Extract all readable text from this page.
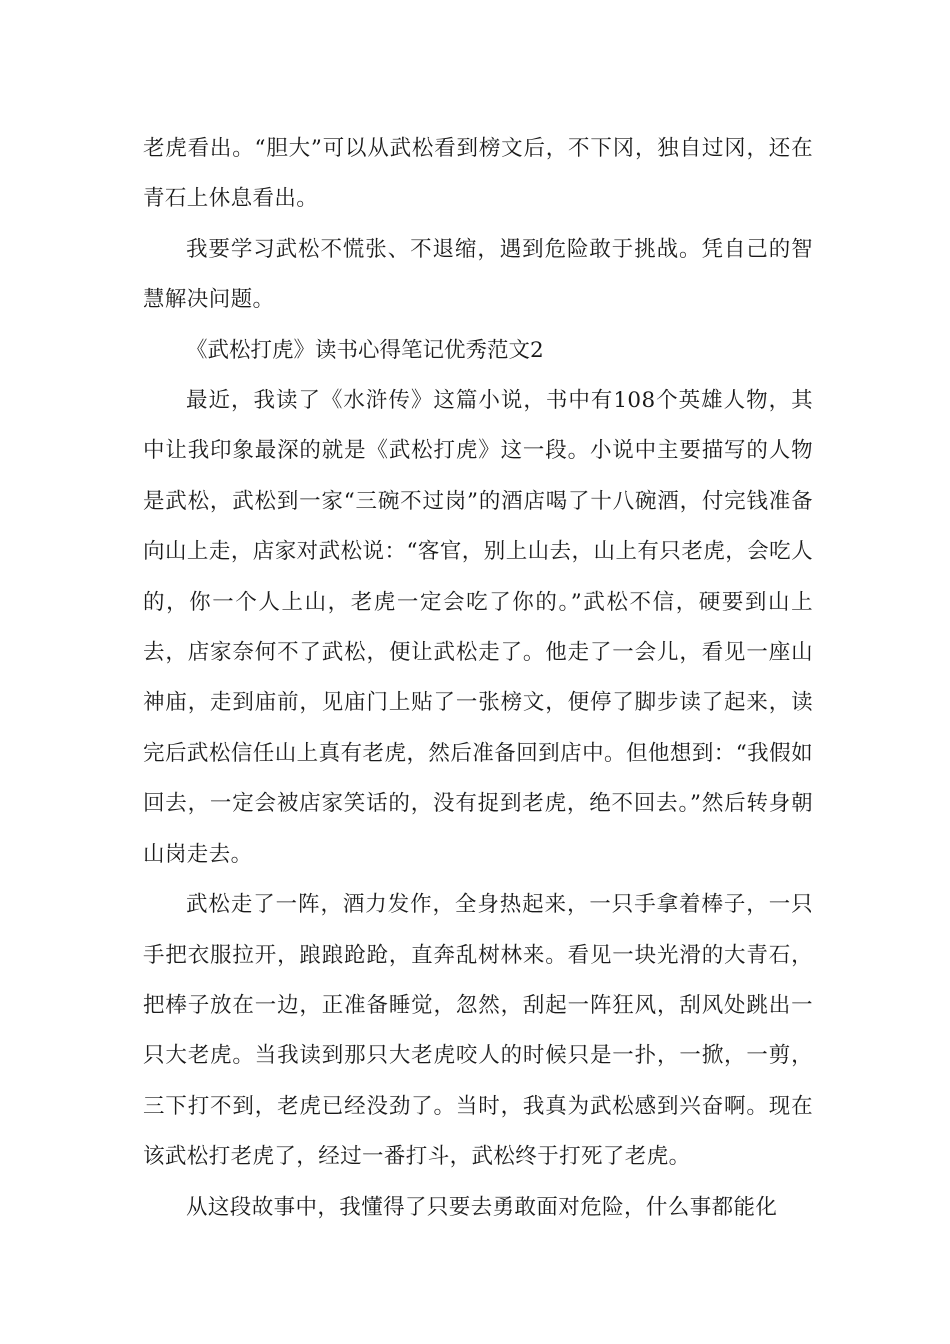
老虎看出。“胆大”可以从武松看到榜文后，不下冈，独自过冈，还在青石上休息看出。

我要学习武松不慌张、不退缩，遇到危险敢于挑战。凭自己的智慧解决问题。

《武松打虎》读书心得笔记优秀范文2

最近，我读了《水浒传》这篇小说，书中有108个英雄人物，其中让我印象最深的就是《武松打虎》这一段。小说中主要描写的人物是武松，武松到一家“三碗不过岗”的酒店喝了十八碗酒，付完钱准备向山上走，店家对武松说：“客官，别上山去，山上有只老虎，会吃人的，你一个人上山，老虎一定会吃了你的。”武松不信，硬要到山上去，店家奈何不了武松，便让武松走了。他走了一会儿，看见一座山神庙，走到庙前，见庙门上贴了一张榜文，便停了脚步读了起来，读完后武松信任山上真有老虎，然后准备回到店中。但他想到：“我假如回去，一定会被店家笑话的，没有捉到老虎，绝不回去。”然后转身朝山岗走去。

武松走了一阵，酒力发作，全身热起来，一只手拿着棒子，一只手把衣服拉开，踉踉跄跄，直奔乱树林来。看见一块光滑的大青石，把棒子放在一边，正准备睡觉，忽然，刮起一阵狂风，刮风处跳出一只大老虎。当我读到那只大老虎咬人的时候只是一扑，一掀，一剪，三下打不到，老虎已经没劲了。当时，我真为武松感到兴奋啊。现在该武松打老虎了，经过一番打斗，武松终于打死了老虎。

从这段故事中，我懂得了只要去勇敢面对危险，什么事都能化
